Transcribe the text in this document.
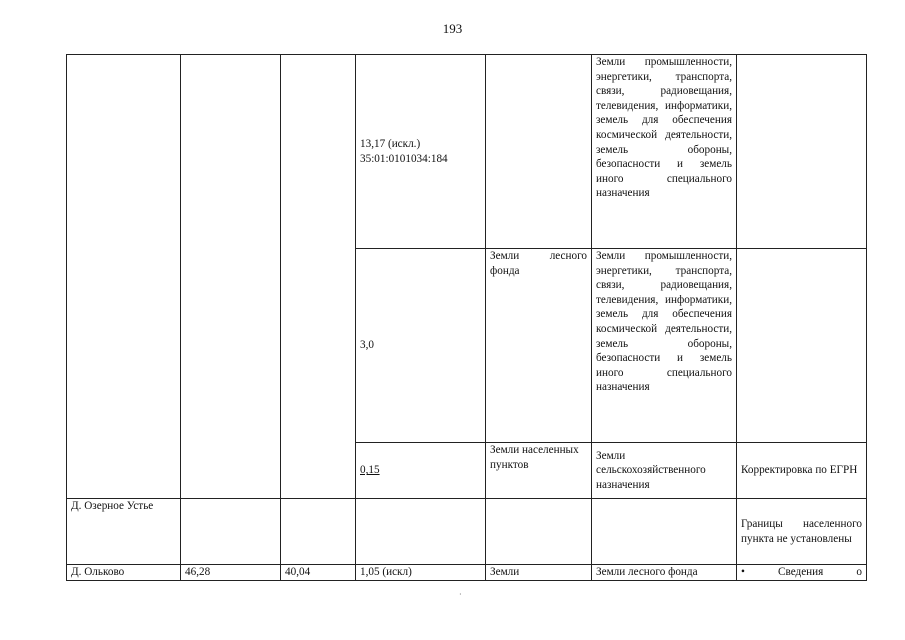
193
			13,17 (искл.) 35:01:0101034:184		Земли промышленности, энергетики, транспорта, связи, радиовещания, телевидения, информатики, земель для обеспечения космической деятельности, земель обороны, безопасности и земель иного специального назначения	
			3,0	Земли лесного фонда	Земли промышленности, энергетики, транспорта, связи, радиовещания, телевидения, информатики, земель для обеспечения космической деятельности, земель обороны, безопасности и земель иного специального назначения	
			0,15	Земли населенных пунктов	Земли сельскохозяйственного назначения	Корректировка по ЕГРН
Д. Озерное Устье						Границы населенного пункта не установлены
Д. Ольково	46,28	40,04	1,05 (искл)	Земли	Земли лесного фонда	• Сведения о
·
